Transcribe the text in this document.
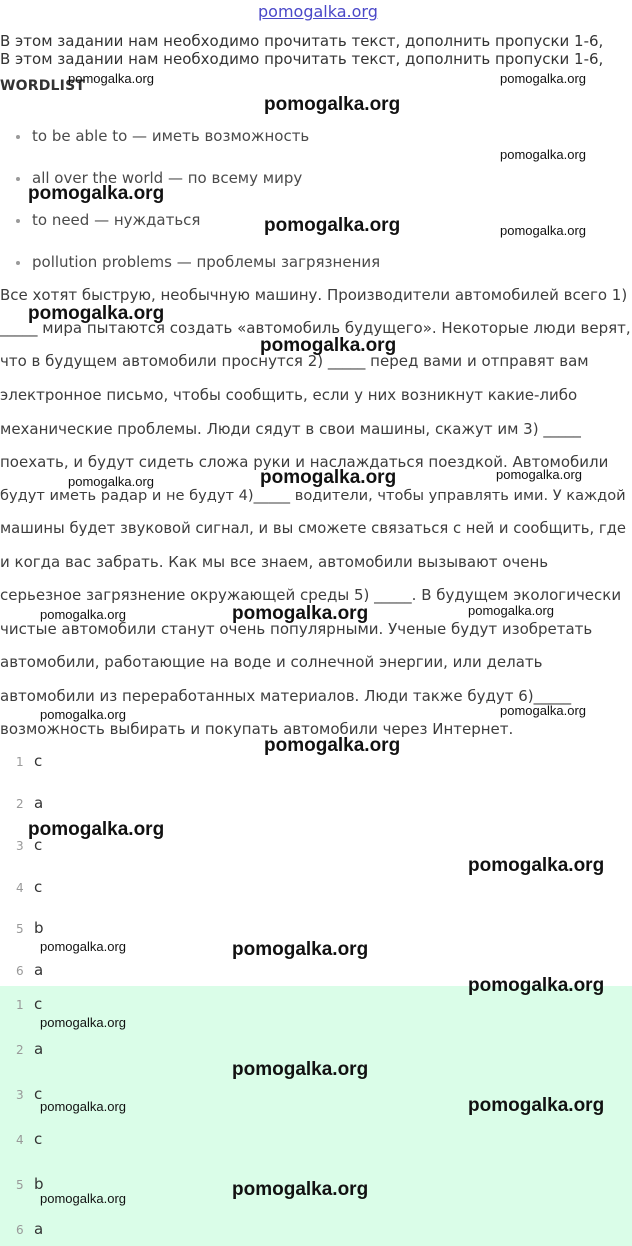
pomogalka.org
В этом задании нам необходимо прочитать текст, дополнить пропуски 1-6,
В этом задании нам необходимо прочитать текст, дополнить пропуски 1-6,
WORDLIST
to be able to — иметь возможность
all over the world — по всему миру
to need — нуждаться
pollution problems — проблемы загрязнения
Все хотят быструю, необычную машину. Производители автомобилей всего 1)
_____ мира пытаются создать «автомобиль будущего». Некоторые люди верят,
что в будущем автомобили проснутся 2) _____ перед вами и отправят вам
электронное письмо, чтобы сообщить, если у них возникнут какие-либо
механические проблемы. Люди сядут в свои машины, скажут им 3) _____
поехать, и будут сидеть сложа руки и наслаждаться поездкой. Автомобили
будут иметь радар и не будут 4)_____ водители, чтобы управлять ими. У каждой
машины будет звуковой сигнал, и вы сможете связаться с ней и сообщить, где
и когда вас забрать. Как мы все знаем, автомобили вызывают очень
серьезное загрязнение окружающей среды 5) _____. В будущем экологически
чистые автомобили станут очень популярными. Ученые будут изобретать
автомобили, работающие на воде и солнечной энергии, или делать
автомобили из переработанных материалов. Люди также будут 6)_____
возможность выбирать и покупать автомобили через Интернет.
1 c
2 a
3 c
4 c
5 b
6 a
1 c
2 a
3 c
4 c
5 b
6 a
pomogalka.org	pomogalka.org
pomogalka.org
pomogalka.org
pomogalka.org
pomogalka.org	pomogalka.org
pomogalka.org
pomogalka.org
pomogalka.org
pomogalka.org	pomogalka.org
pomogalka.org
pomogalka.org	pomogalka.org
pomogalka.org	pomogalka.org
pomogalka.org
pomogalka.org
pomogalka.org
pomogalka.org	pomogalka.org
pomogalka.org
pomogalka.org
pomogalka.org
pomogalka.org	pomogalka.org
pomogalka.org
pomogalka.org
